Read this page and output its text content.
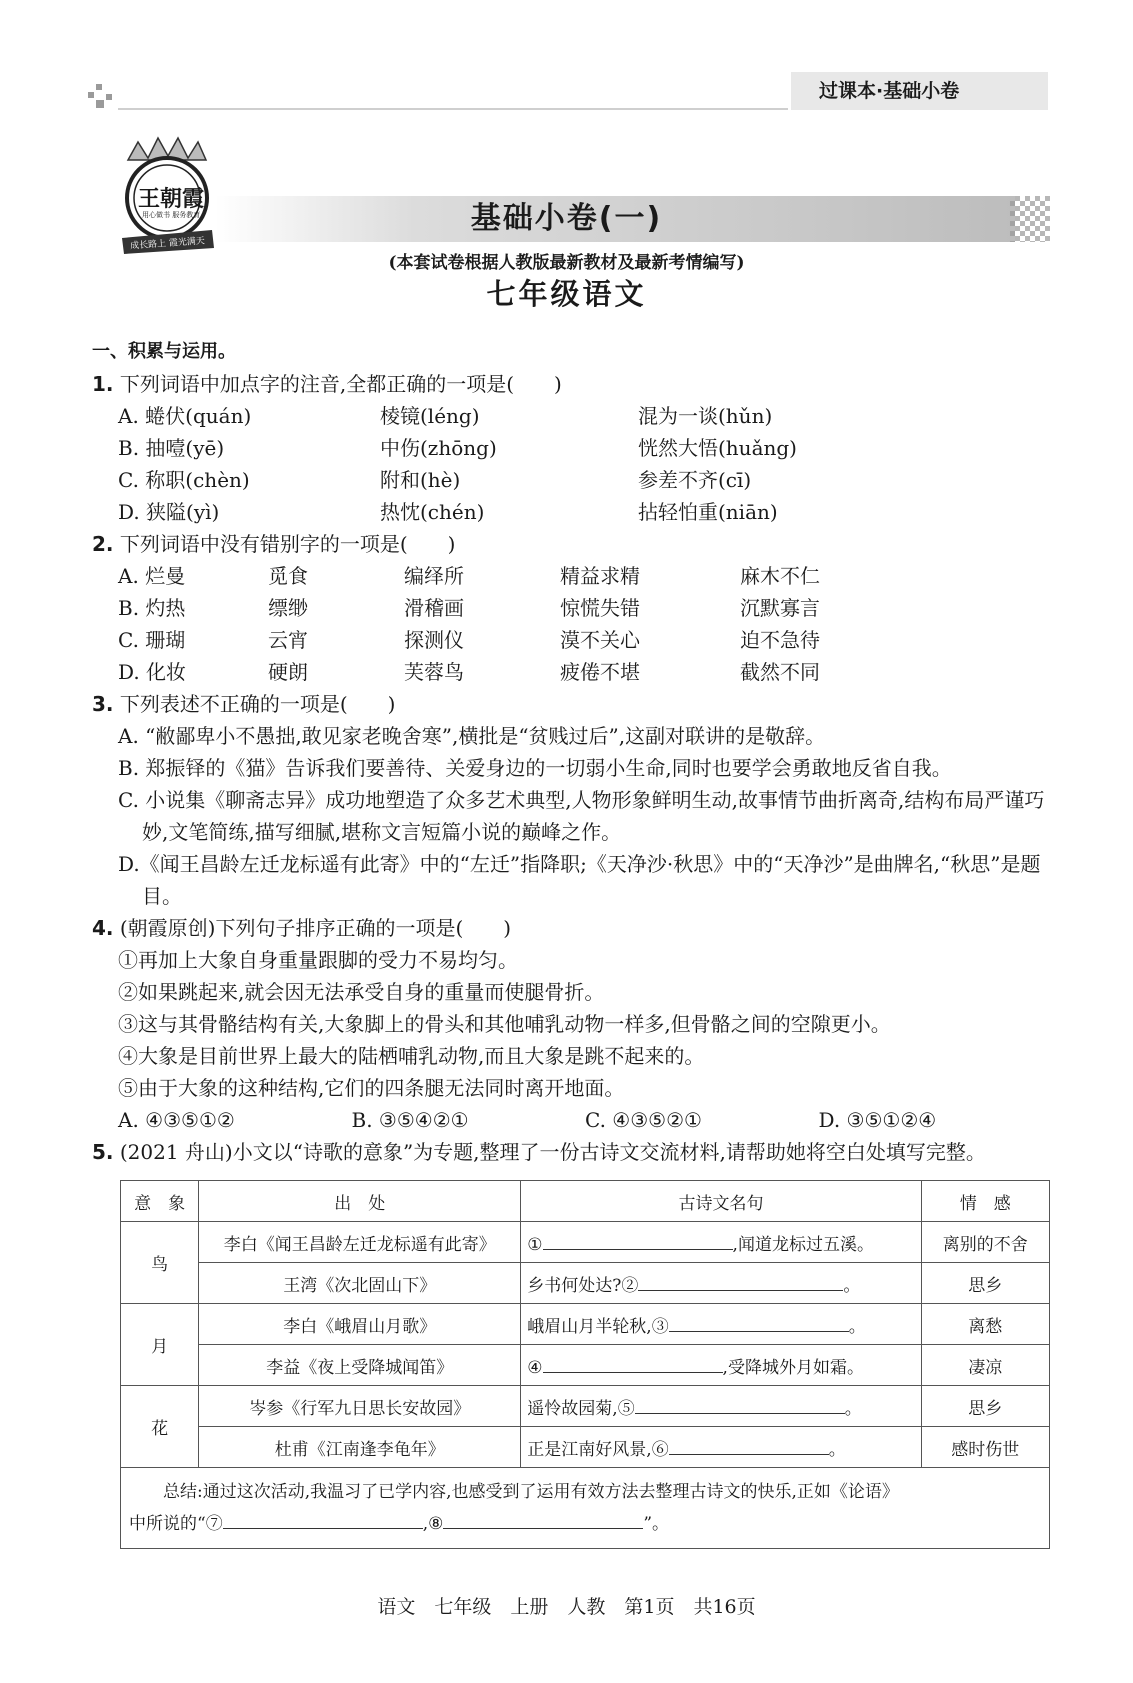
过课本·基础小卷
王朝霞
用心做书 服务教育
成长路上 霞光满天
基础小卷(一)
(本套试卷根据人教版最新教材及最新考情编写)
七年级语文
一、积累与运用。
1. 下列词语中加点字的注音,全都正确的一项是(　　)
A. 蜷伏(quán)	棱镜(léng)	混为一谈(hǔn)
B. 抽噎(yē)	中伤(zhōng)	恍然大悟(huǎng)
C. 称职(chèn)	附和(hè)	参差不齐(cī)
D. 狭隘(yì)	热忱(chén)	拈轻怕重(niān)
2. 下列词语中没有错别字的一项是(　　)
A. 烂曼	觅食	编绎所	精益求精	麻木不仁
B. 灼热	缥缈	滑稽画	惊慌失错	沉默寡言
C. 珊瑚	云宵	探测仪	漠不关心	迫不急待
D. 化妆	硬朗	芙蓉鸟	疲倦不堪	截然不同
3. 下列表述不正确的一项是(　　)
A. “敝鄙卑小不愚拙,敢见家老晚舍寒”,横批是“贫贱过后”,这副对联讲的是敬辞。
B. 郑振铎的《猫》告诉我们要善待、关爱身边的一切弱小生命,同时也要学会勇敢地反省自我。
C. 小说集《聊斋志异》成功地塑造了众多艺术典型,人物形象鲜明生动,故事情节曲折离奇,结构布局严谨巧妙,文笔简练,描写细腻,堪称文言短篇小说的巅峰之作。
D.《闻王昌龄左迁龙标遥有此寄》中的“左迁”指降职;《天净沙·秋思》中的“天净沙”是曲牌名,“秋思”是题目。
4. (朝霞原创)下列句子排序正确的一项是(　　)
①再加上大象自身重量跟脚的受力不易均匀。
②如果跳起来,就会因无法承受自身的重量而使腿骨折。
③这与其骨骼结构有关,大象脚上的骨头和其他哺乳动物一样多,但骨骼之间的空隙更小。
④大象是目前世界上最大的陆栖哺乳动物,而且大象是跳不起来的。
⑤由于大象的这种结构,它们的四条腿无法同时离开地面。
A. ④③⑤①②	B. ③⑤④②①	C. ④③⑤②①	D. ③⑤①②④
5. (2021 舟山)小文以“诗歌的意象”为专题,整理了一份古诗文交流材料,请帮助她将空白处填写完整。
意　象	出　处	古诗文名句	情　感
鸟	李白《闻王昌龄左迁龙标遥有此寄》	① ,闻道龙标过五溪。	离别的不舍
	王湾《次北固山下》	乡书何处达?② 。	思乡
月	李白《峨眉山月歌》	峨眉山月半轮秋,③ 。	离愁
	李益《夜上受降城闻笛》	④ ,受降城外月如霜。	凄凉
花	岑参《行军九日思长安故园》	遥怜故园菊,⑤ 。	思乡
	杜甫《江南逢李龟年》	正是江南好风景,⑥ 。	感时伤世

总结:通过这次活动,我温习了已学内容,也感受到了运用有效方法去整理古诗文的快乐,正如《论语》
中所说的“⑦ ,⑧ ”。			
语文　七年级　上册　人教　第1页　共16页
